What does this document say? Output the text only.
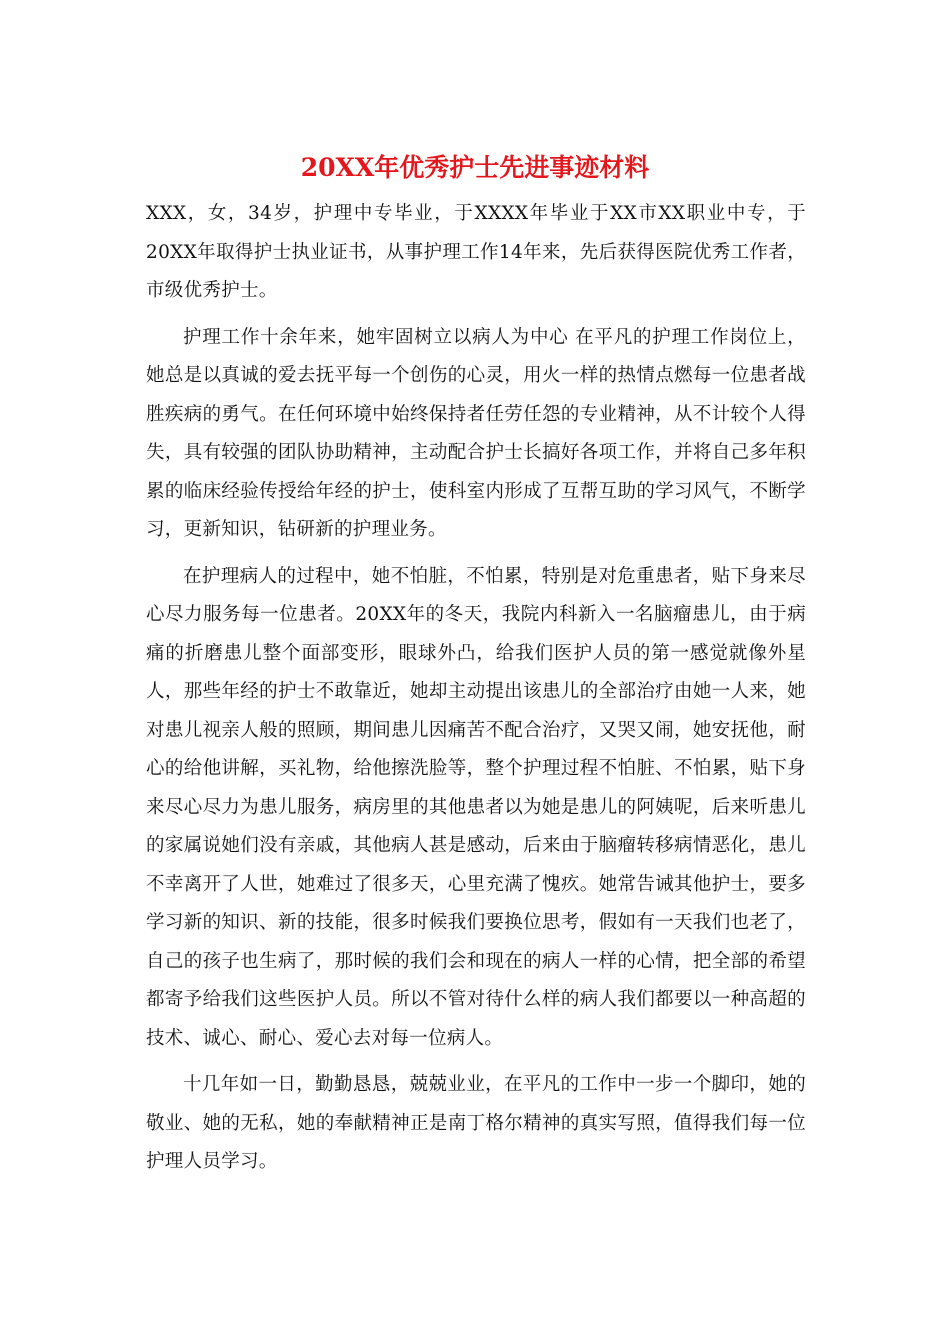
20XX年优秀护士先进事迹材料

XXX，女，34岁，护理中专毕业，于XXXX年毕业于XX市XX职业中专，于20XX年取得护士执业证书，从事护理工作14年来，先后获得医院优秀工作者，市级优秀护士。

护理工作十余年来，她牢固树立以病人为中心 在平凡的护理工作岗位上，她总是以真诚的爱去抚平每一个创伤的心灵，用火一样的热情点燃每一位患者战胜疾病的勇气。在任何环境中始终保持者任劳任怨的专业精神，从不计较个人得失，具有较强的团队协助精神，主动配合护士长搞好各项工作，并将自己多年积累的临床经验传授给年经的护士，使科室内形成了互帮互助的学习风气，不断学习，更新知识，钻研新的护理业务。

在护理病人的过程中，她不怕脏，不怕累，特别是对危重患者，贴下身来尽心尽力服务每一位患者。20XX年的冬天，我院内科新入一名脑瘤患儿，由于病痛的折磨患儿整个面部变形，眼球外凸，给我们医护人员的第一感觉就像外星人，那些年经的护士不敢靠近，她却主动提出该患儿的全部治疗由她一人来，她对患儿视亲人般的照顾，期间患儿因痛苦不配合治疗，又哭又闹，她安抚他，耐心的给他讲解，买礼物，给他擦洗脸等，整个护理过程不怕脏、不怕累，贴下身来尽心尽力为患儿服务，病房里的其他患者以为她是患儿的阿姨呢，后来听患儿的家属说她们没有亲戚，其他病人甚是感动，后来由于脑瘤转移病情恶化，患儿不幸离开了人世，她难过了很多天，心里充满了愧疚。她常告诫其他护士，要多学习新的知识、新的技能，很多时候我们要换位思考，假如有一天我们也老了，自己的孩子也生病了，那时候的我们会和现在的病人一样的心情，把全部的希望都寄予给我们这些医护人员。所以不管对待什么样的病人我们都要以一种高超的技术、诚心、耐心、爱心去对每一位病人。

十几年如一日，勤勤恳恳，兢兢业业，在平凡的工作中一步一个脚印，她的敬业、她的无私，她的奉献精神正是南丁格尔精神的真实写照，值得我们每一位护理人员学习。
